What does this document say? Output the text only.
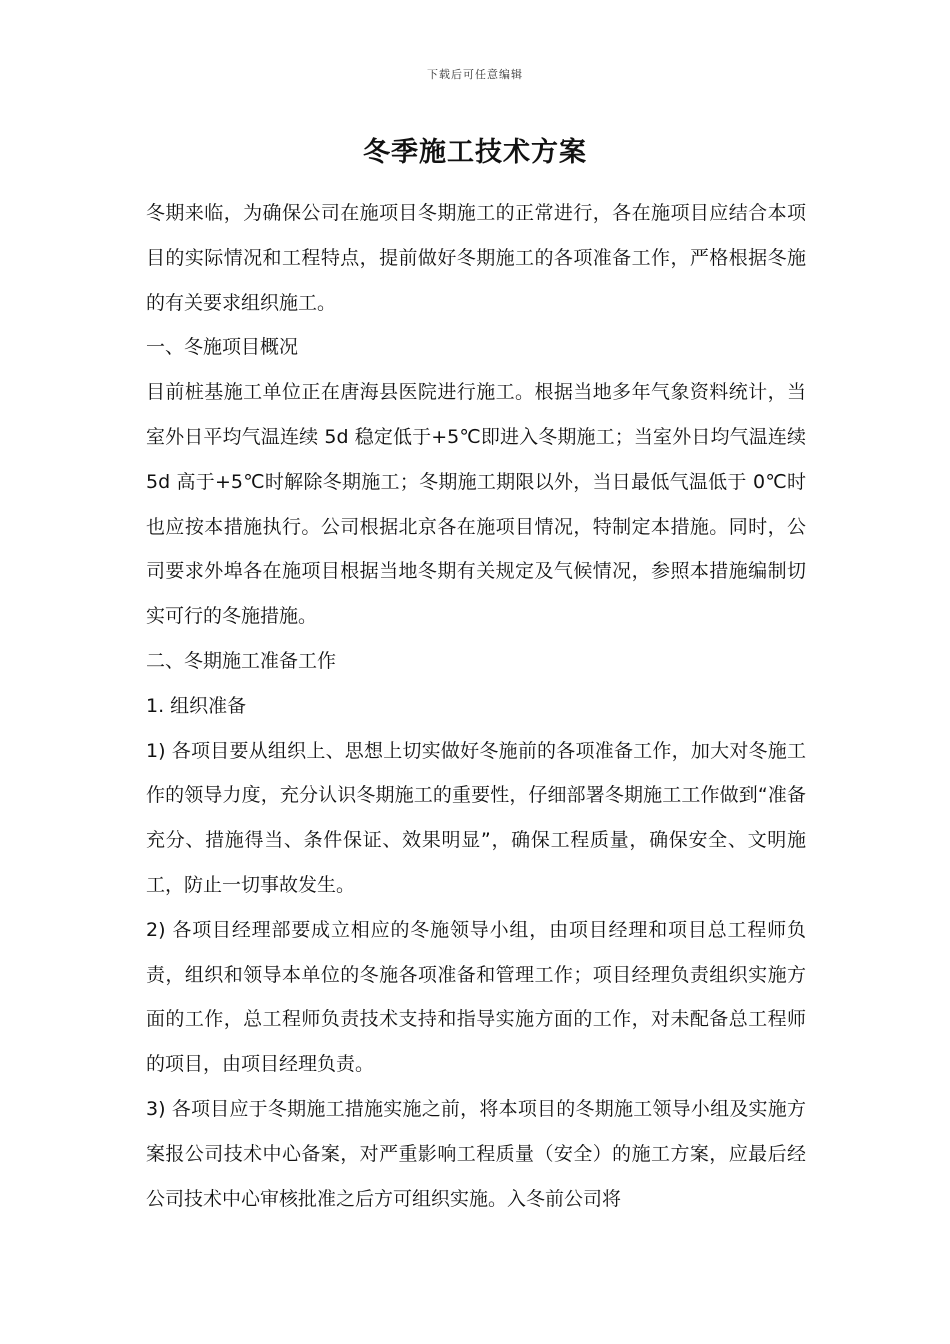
下载后可任意编辑
冬季施工技术方案

冬期来临，为确保公司在施项目冬期施工的正常进行，各在施项目应结合本项目的实际情况和工程特点，提前做好冬期施工的各项准备工作，严格根据冬施的有关要求组织施工。

一、冬施项目概况

目前桩基施工单位正在唐海县医院进行施工。根据当地多年气象资料统计，当室外日平均气温连续 5d 稳定低于+5℃即进入冬期施工；当室外日均气温连续 5d 高于+5℃时解除冬期施工；冬期施工期限以外，当日最低气温低于 0℃时也应按本措施执行。公司根据北京各在施项目情况，特制定本措施。同时，公司要求外埠各在施项目根据当地冬期有关规定及气候情况，参照本措施编制切实可行的冬施措施。

二、冬期施工准备工作

1. 组织准备

1) 各项目要从组织上、思想上切实做好冬施前的各项准备工作，加大对冬施工作的领导力度，充分认识冬期施工的重要性，仔细部署冬期施工工作做到“准备充分、措施得当、条件保证、效果明显”，确保工程质量，确保安全、文明施工，防止一切事故发生。

2) 各项目经理部要成立相应的冬施领导小组，由项目经理和项目总工程师负责，组织和领导本单位的冬施各项准备和管理工作；项目经理负责组织实施方面的工作，总工程师负责技术支持和指导实施方面的工作，对未配备总工程师的项目，由项目经理负责。

3) 各项目应于冬期施工措施实施之前，将本项目的冬期施工领导小组及实施方案报公司技术中心备案，对严重影响工程质量（安全）的施工方案，应最后经公司技术中心审核批准之后方可组织实施。入冬前公司将
